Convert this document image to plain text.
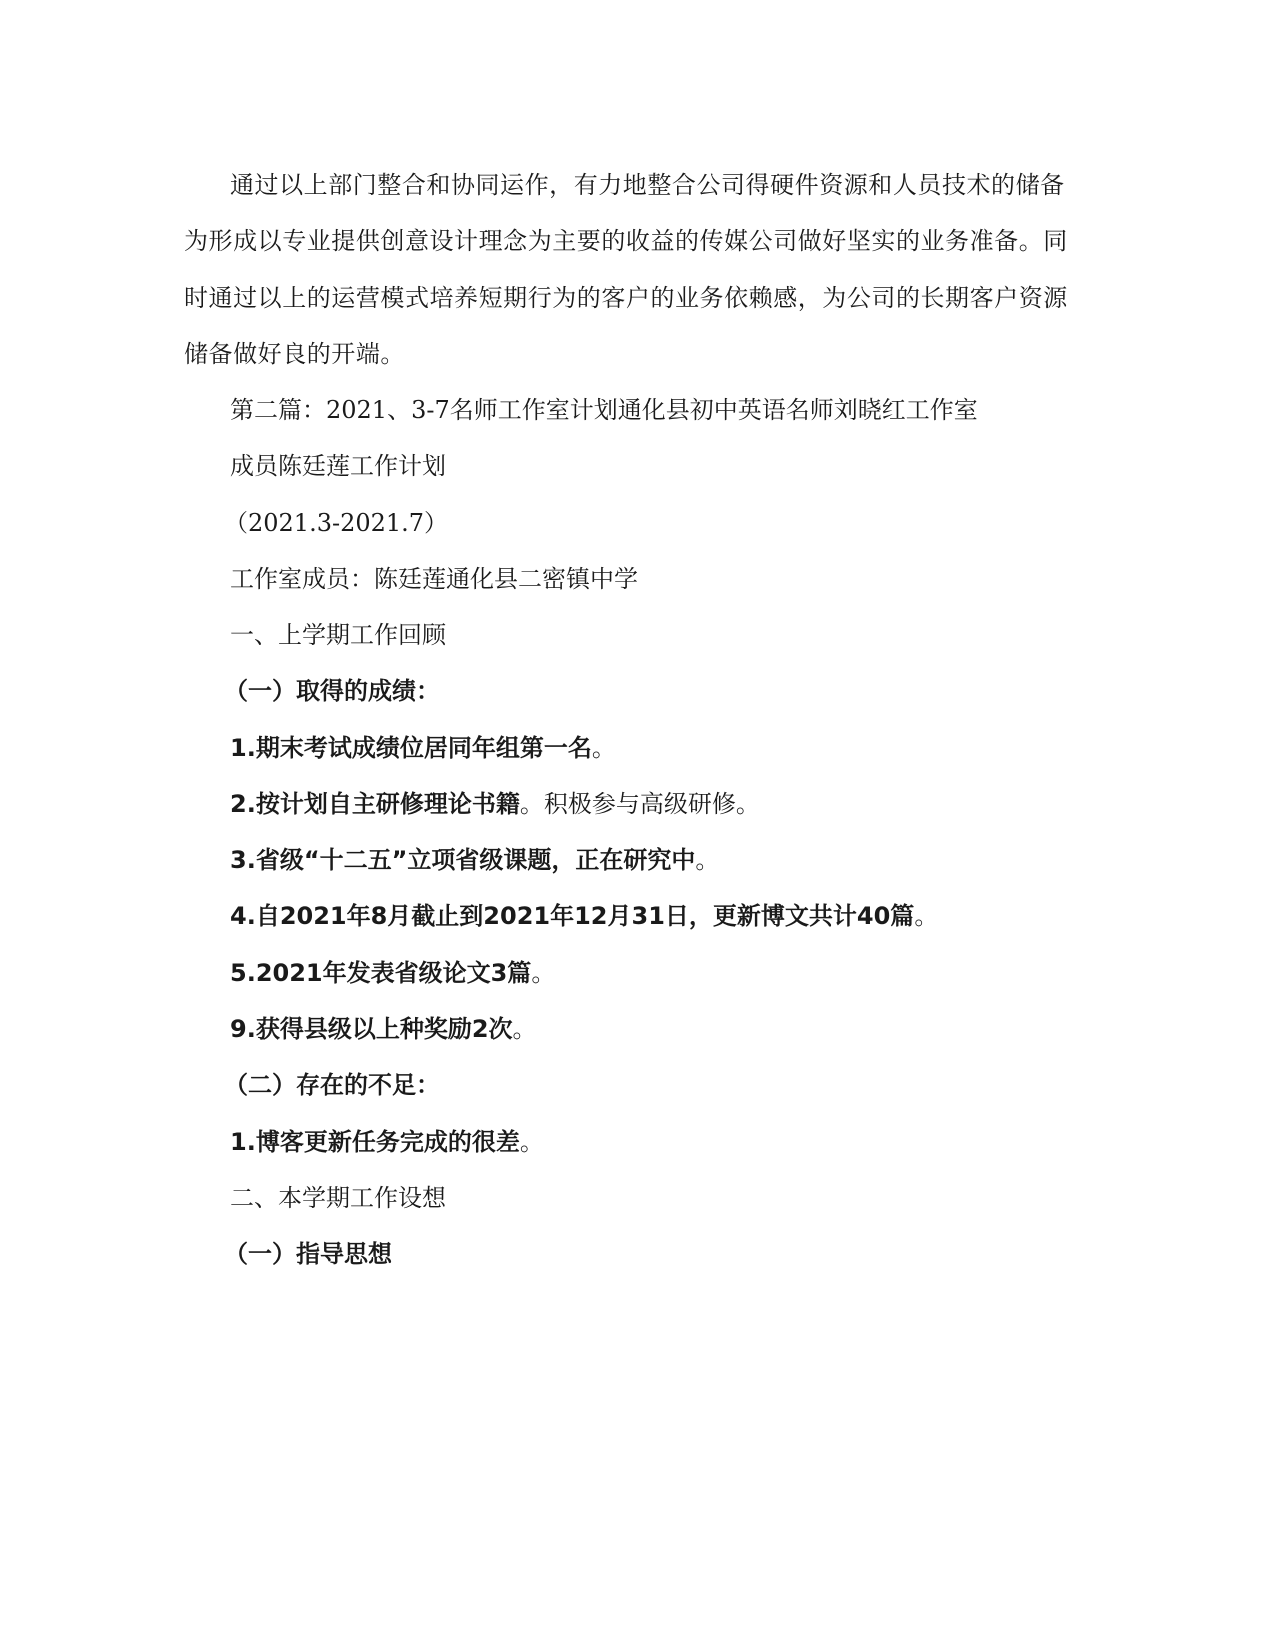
通过以上部门整合和协同运作，有力地整合公司得硬件资源和人员技术的储备

为形成以专业提供创意设计理念为主要的收益的传媒公司做好坚实的业务准备。同

时通过以上的运营模式培养短期行为的客户的业务依赖感，为公司的长期客户资源

储备做好良的开端。

第二篇：2021、3-7名师工作室计划通化县初中英语名师刘晓红工作室

成员陈廷莲工作计划

（2021.3-2021.7）

工作室成员：陈廷莲通化县二密镇中学

一、上学期工作回顾

（一）取得的成绩：

1.期末考试成绩位居同年组第一名。

2.按计划自主研修理论书籍。积极参与高级研修。

3.省级“十二五”立项省级课题，正在研究中。

4.自2021年8月截止到2021年12月31日，更新博文共计40篇。

5.2021年发表省级论文3篇。

9.获得县级以上种奖励2次。

（二）存在的不足：

1.博客更新任务完成的很差。

二、本学期工作设想

（一）指导思想
